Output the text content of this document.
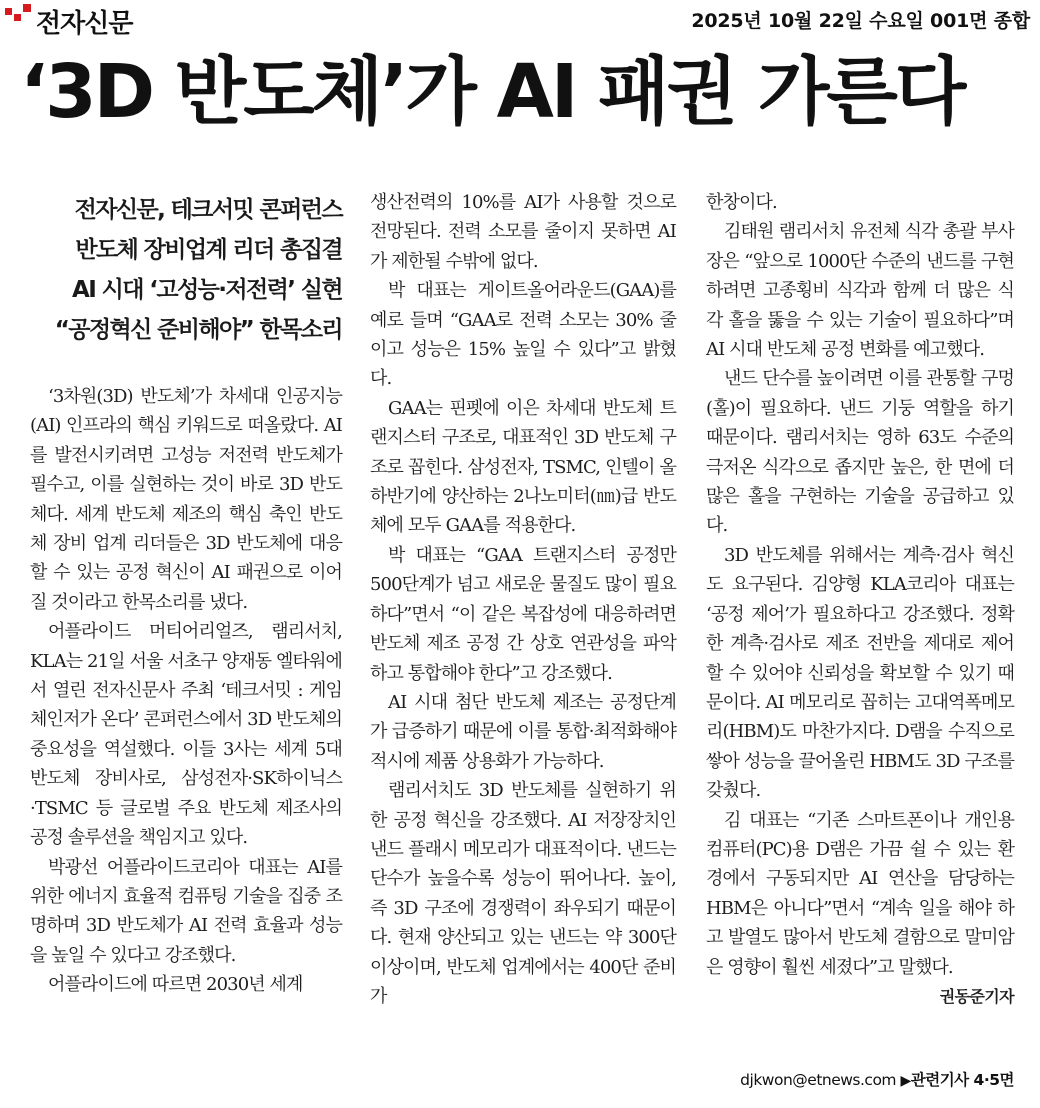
전자신문	2025년 10월 22일 수요일 001면 종합
‘3D 반도체’가 AI 패권 가른다
전자신문, 테크서밋 콘퍼런스
반도체 장비업계 리더 총집결
AI 시대 ‘고성능·저전력’ 실현
“공정혁신 준비해야” 한목소리

‘3차원(3D) 반도체’가 차세대 인공지능(AI) 인프라의 핵심 키워드로 떠올랐다. AI를 발전시키려면 고성능 저전력 반도체가 필수고, 이를 실현하는 것이 바로 3D 반도체다. 세계 반도체 제조의 핵심 축인 반도체 장비 업계 리더들은 3D 반도체에 대응할 수 있는 공정 혁신이 AI 패권으로 이어질 것이라고 한목소리를 냈다.

어플라이드 머티어리얼즈, 램리서치, KLA는 21일 서울 서초구 양재동 엘타워에서 열린 전자신문사 주최 ‘테크서밋 : 게임체인저가 온다’ 콘퍼런스에서 3D 반도체의 중요성을 역설했다. 이들 3사는 세계 5대 반도체 장비사로, 삼성전자·SK하이닉스·TSMC 등 글로벌 주요 반도체 제조사의 공정 솔루션을 책임지고 있다.

박광선 어플라이드코리아 대표는 AI를 위한 에너지 효율적 컴퓨팅 기술을 집중 조명하며 3D 반도체가 AI 전력 효율과 성능을 높일 수 있다고 강조했다.

어플라이드에 따르면 2030년 세계

생산전력의 10%를 AI가 사용할 것으로 전망된다. 전력 소모를 줄이지 못하면 AI가 제한될 수밖에 없다.

박 대표는 게이트올어라운드(GAA)를 예로 들며 “GAA로 전력 소모는 30% 줄이고 성능은 15% 높일 수 있다”고 밝혔다.

GAA는 핀펫에 이은 차세대 반도체 트랜지스터 구조로, 대표적인 3D 반도체 구조로 꼽힌다. 삼성전자, TSMC, 인텔이 올 하반기에 양산하는 2나노미터(㎚)급 반도체에 모두 GAA를 적용한다.

박 대표는 “GAA 트랜지스터 공정만 500단계가 넘고 새로운 물질도 많이 필요하다”면서 “이 같은 복잡성에 대응하려면 반도체 제조 공정 간 상호 연관성을 파악하고 통합해야 한다”고 강조했다.

AI 시대 첨단 반도체 제조는 공정단계가 급증하기 때문에 이를 통합·최적화해야 적시에 제품 상용화가 가능하다.

램리서치도 3D 반도체를 실현하기 위한 공정 혁신을 강조했다. AI 저장장치인 낸드 플래시 메모리가 대표적이다. 낸드는 단수가 높을수록 성능이 뛰어나다. 높이, 즉 3D 구조에 경쟁력이 좌우되기 때문이다. 현재 양산되고 있는 낸드는 약 300단 이상이며, 반도체 업계에서는 400단 준비가

한창이다.

김태원 램리서치 유전체 식각 총괄 부사장은 “앞으로 1000단 수준의 낸드를 구현하려면 고종횡비 식각과 함께 더 많은 식각 홀을 뚫을 수 있는 기술이 필요하다”며 AI 시대 반도체 공정 변화를 예고했다.

낸드 단수를 높이려면 이를 관통할 구멍(홀)이 필요하다. 낸드 기둥 역할을 하기 때문이다. 램리서치는 영하 63도 수준의 극저온 식각으로 좁지만 높은, 한 면에 더 많은 홀을 구현하는 기술을 공급하고 있다.

3D 반도체를 위해서는 계측·검사 혁신도 요구된다. 김양형 KLA코리아 대표는 ‘공정 제어’가 필요하다고 강조했다. 정확한 계측·검사로 제조 전반을 제대로 제어할 수 있어야 신뢰성을 확보할 수 있기 때문이다. AI 메모리로 꼽히는 고대역폭메모리(HBM)도 마찬가지다. D램을 수직으로 쌓아 성능을 끌어올린 HBM도 3D 구조를 갖췄다.

김 대표는 “기존 스마트폰이나 개인용컴퓨터(PC)용 D램은 가끔 쉴 수 있는 환경에서 구동되지만 AI 연산을 담당하는 HBM은 아니다”면서 “계속 일을 해야 하고 발열도 많아서 반도체 결함으로 말미암은 영향이 훨씬 세졌다”고 말했다.

권동준기자
djkwon@etnews.com ▶관련기사 4·5면
